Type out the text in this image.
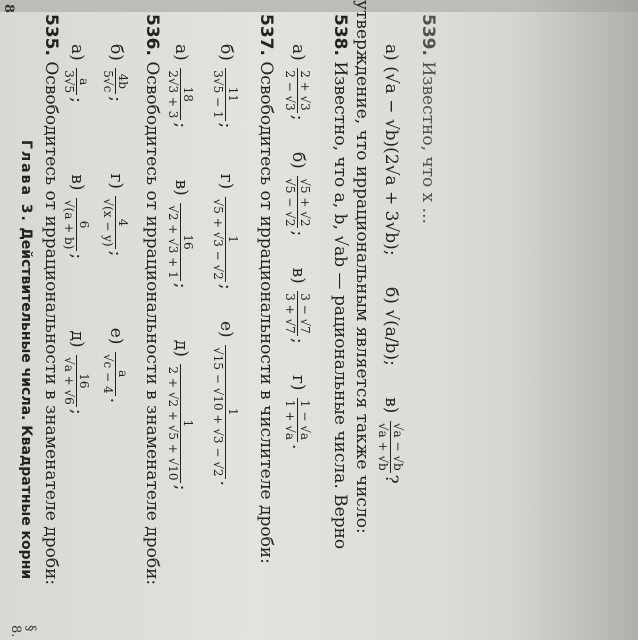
Глава 3. Действительные числа. Квадратные корни
§ 8.
535. Освободитесь от иррациональности в знаменателе дроби:
а)
a
3√5
; в)
6
√(a + b)
; д)
16
√a + √6
;
б)
4b
5√c
; г)
4
√(x − y)
; е)
a
√c − 4
.
536. Освободитесь от иррациональности в знаменателе дроби:
а)
18
2√3 + 3
; в)
16
√2 + √3 + 1
; д)
1
2 + √2 + √5 + √10
;
б)
11
3√5 − 1
; г)
1
√5 + √3 − √2
; е)
1
√15 − √10 + √3 − √2
.
537. Освободитесь от иррациональности в числителе дроби:
а)
2 + √3
2 − √3
; б)
√5 + √2
√5 − √2
; в)
3 − √7
3 + √7
; г)
1 − √a
1 + √a
.
538. Известно, что a, b, √ab — рациональные числа. Верно утверждение, что иррациональным является также число: а) (√a − √b)(2√a + 3√b); б) √(a/b); в)
√a − √b
√a + √b
?
539. Известно, что x ...
8
